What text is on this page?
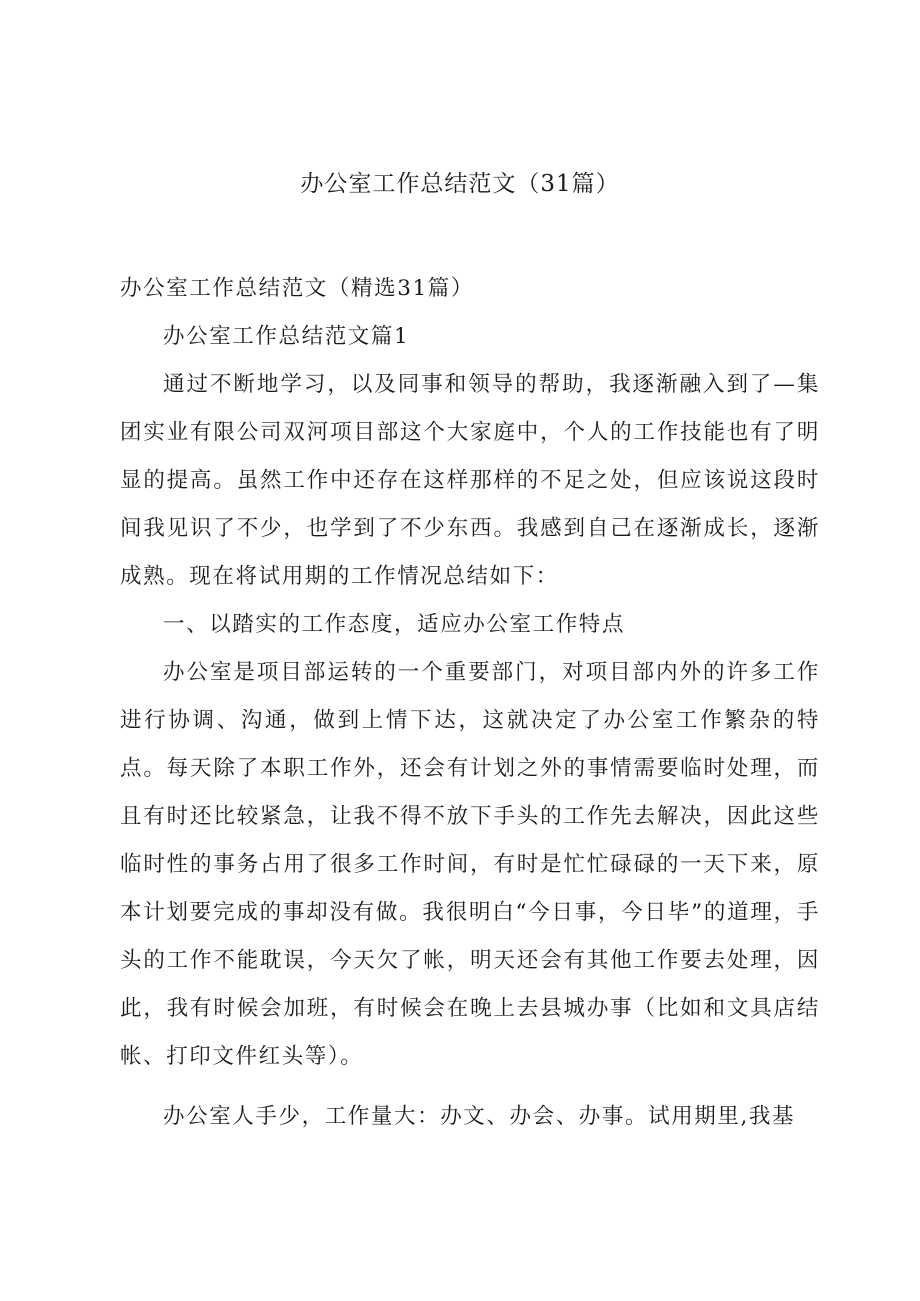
办公室工作总结范文（31篇）

办公室工作总结范文（精选31篇）

办公室工作总结范文篇1

通过不断地学习，以及同事和领导的帮助，我逐渐融入到了—集团实业有限公司双河项目部这个大家庭中，个人的工作技能也有了明显的提高。虽然工作中还存在这样那样的不足之处，但应该说这段时间我见识了不少，也学到了不少东西。我感到自己在逐渐成长，逐渐成熟。现在将试用期的工作情况总结如下：

一、以踏实的工作态度，适应办公室工作特点

办公室是项目部运转的一个重要部门，对项目部内外的许多工作进行协调、沟通，做到上情下达，这就决定了办公室工作繁杂的特点。每天除了本职工作外，还会有计划之外的事情需要临时处理，而且有时还比较紧急，让我不得不放下手头的工作先去解决，因此这些临时性的事务占用了很多工作时间，有时是忙忙碌碌的一天下来，原本计划要完成的事却没有做。我很明白“今日事，今日毕”的道理，手头的工作不能耽误，今天欠了帐，明天还会有其他工作要去处理，因此，我有时候会加班，有时候会在晚上去县城办事（比如和文具店结帐、打印文件红头等）。

办公室人手少，工作量大：办文、办会、办事。试用期里,我基
